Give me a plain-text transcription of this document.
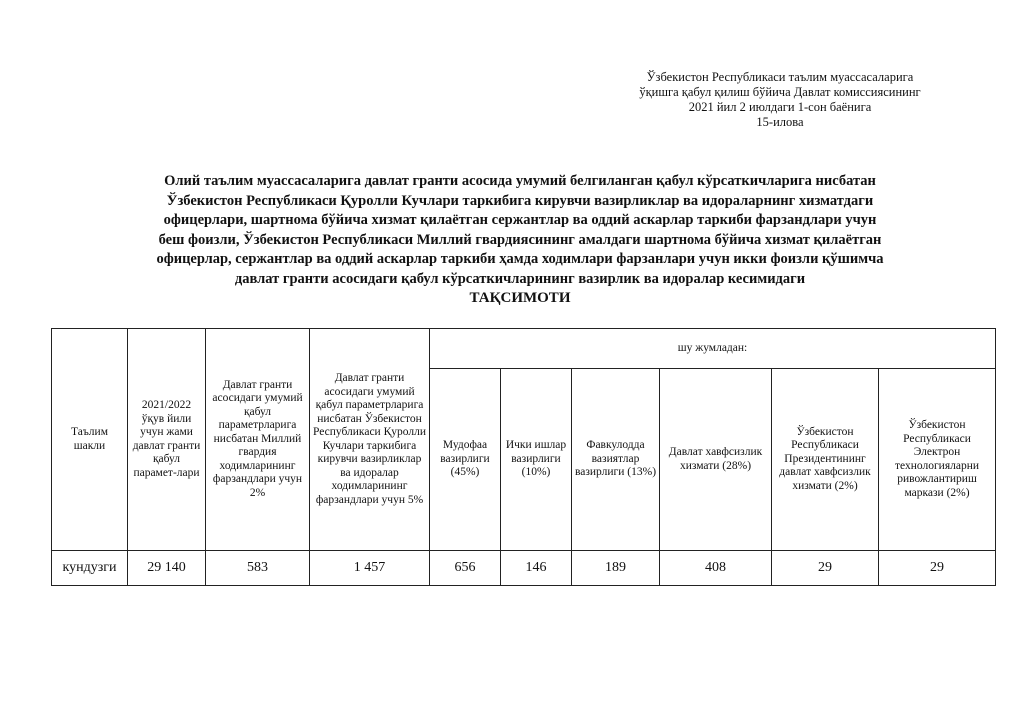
Ўзбекистон Республикаси таълим муассасаларига
ўқишга қабул қилиш бўйича Давлат комиссиясининг
2021 йил 2 июлдаги 1-сон баёнига
15-илова
Олий таълим муассасаларига давлат гранти асосида умумий белгиланган қабул кўрсаткичларига нисбатан
Ўзбекистон Республикаси Қуролли Кучлари таркибига кирувчи вазирликлар ва идораларнинг хизматдаги
офицерлари, шартнома бўйича хизмат қилаётган сержантлар ва оддий аскарлар таркиби фарзандлари учун
беш фоизли, Ўзбекистон Республикаси Миллий гвардиясининг амалдаги шартнома бўйича хизмат қилаётган
офицерлар, сержантлар ва оддий аскарлар таркиби ҳамда ходимлари фарзанлари учун икки фоизли қўшимча
давлат гранти асосидаги қабул кўрсаткичларининг вазирлик ва идоралар кесимидаги
ТАҚСИМОТИ
Таълим шакли	2021/2022 ўқув йили учун жами давлат гранти қабул парамет-лари	Давлат гранти асосидаги умумий қабул параметрларига нисбатан Миллий гвардия ходимларининг фарзандлари учун 2%	Давлат гранти асосидаги умумий қабул параметрларига нисбатан Ўзбекистон Республикаси Қуролли Кучлари таркибига кирувчи вазирликлар ва идоралар ходимларининг фарзандлари учун 5%	шу жумладан:					
				Мудофаа вазирлиги (45%)	Ички ишлар вазирлиги (10%)	Фавкулодда вазиятлар вазирлиги (13%)	Давлат хавфсизлик хизмати (28%)	Ўзбекистон Республикаси Президентининг давлат хавфсизлик хизмати (2%)	Ўзбекистон Республикаси Электрон технологияларни ривожлантириш маркази (2%)
кундузги	29 140	583	1 457	656	146	189	408	29	29
